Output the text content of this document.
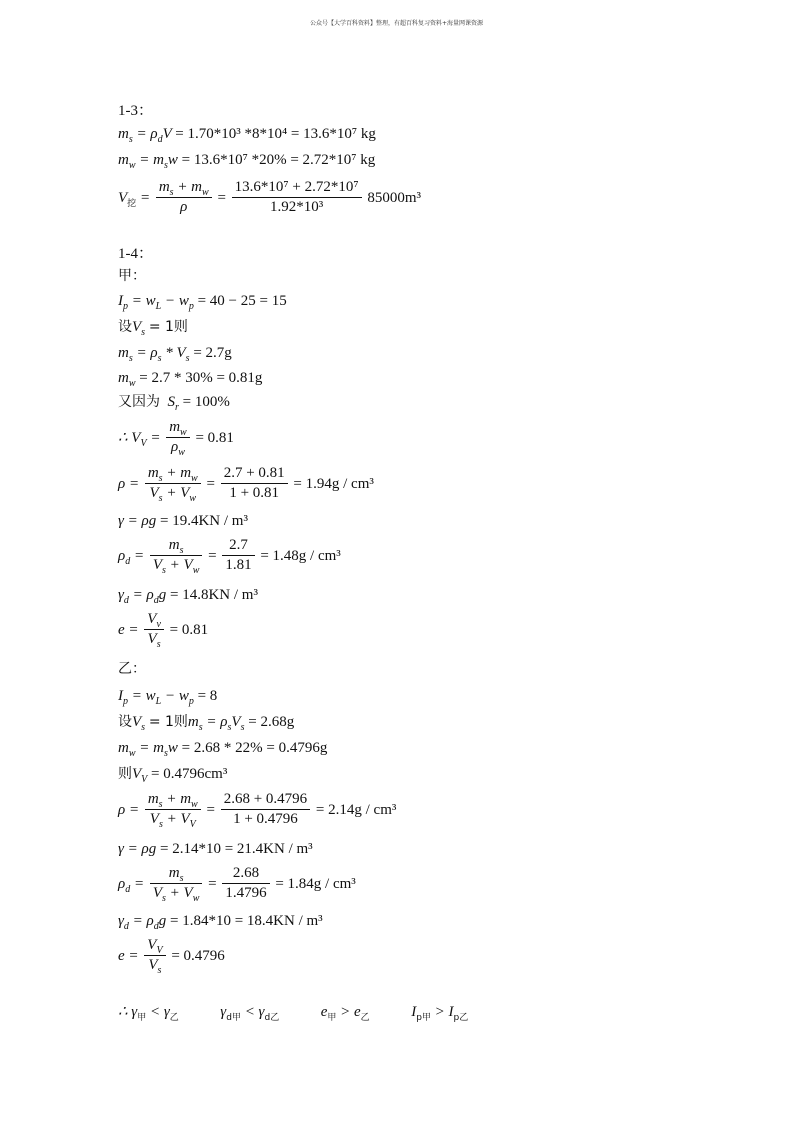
公众号【大学百科资料】整理，有超百科复习资料+海量网课资源
1-3：
$m_s = \rho_dV = 1.70*10^3$ *8*10⁴ = 13.6*10⁷ kg
$m_w = m_sw = 13.6*10^7$ *20% = 2.72*10⁷ kg
$V_挖 = \frac{m_s + m_w}{\rho} = \frac{\text{13.6*10⁷ + 2.72*10⁷}}{\text{1.92*10³}} 85000m^3$
1-4：
甲：
$I_p = w_L - w_p = 40 - 25 = 15$
设$V_s = 1$则
$m_s = \rho_s * V_s = 2.7g$
$m_w = 2.7 * 30\% = 0.81g$
又因为 $S_r = 100\%$
∴ $V_V = \frac{m_w}{\rho_w} = 0.81$
$\rho = \frac{m_s + m_w}{V_s + V_w} = \frac{2.7 + 0.81}{1 + 0.81} = 1.94g / cm^3$
γ = ρg = 19.4KN / m³
$\rho_d = \frac{m_s}{V_s + V_w} = \frac{2.7}{1.81} = 1.48g / cm^3$
$\gamma_d = \rho_dg = 14.8KN / m^3$
$e = \frac{V_v}{V_s} = 0.81$
乙：
$I_p = w_L - w_p = 8$
设$V_s = 1$则$m_s = \rho_sV_s = 2.68g$
$m_w = m_sw = 2.68 * 22\% = 0.4796g$
则$V_V = 0.4796cm^3$
$\rho = \frac{m_s + m_w}{V_s + V_V} = \frac{2.68 + 0.4796}{1 + 0.4796} = 2.14g / cm^3$
γ = ρg = 2.14*10 = 21.4KN / m³
$\rho_d = \frac{m_s}{V_s + V_w} = \frac{2.68}{1.4796} = 1.84g / cm^3$
$\gamma_d = \rho_dg = 1.84*10 = 18.4KN / m^3$
$e = \frac{V_V}{V_s} = 0.4796$
∴ $\gamma_甲 < \gamma_乙$	$\gamma_{d甲} < \gamma_{d乙}$	$e_甲 > e_乙$	$I_{p甲} > I_{p乙}$
